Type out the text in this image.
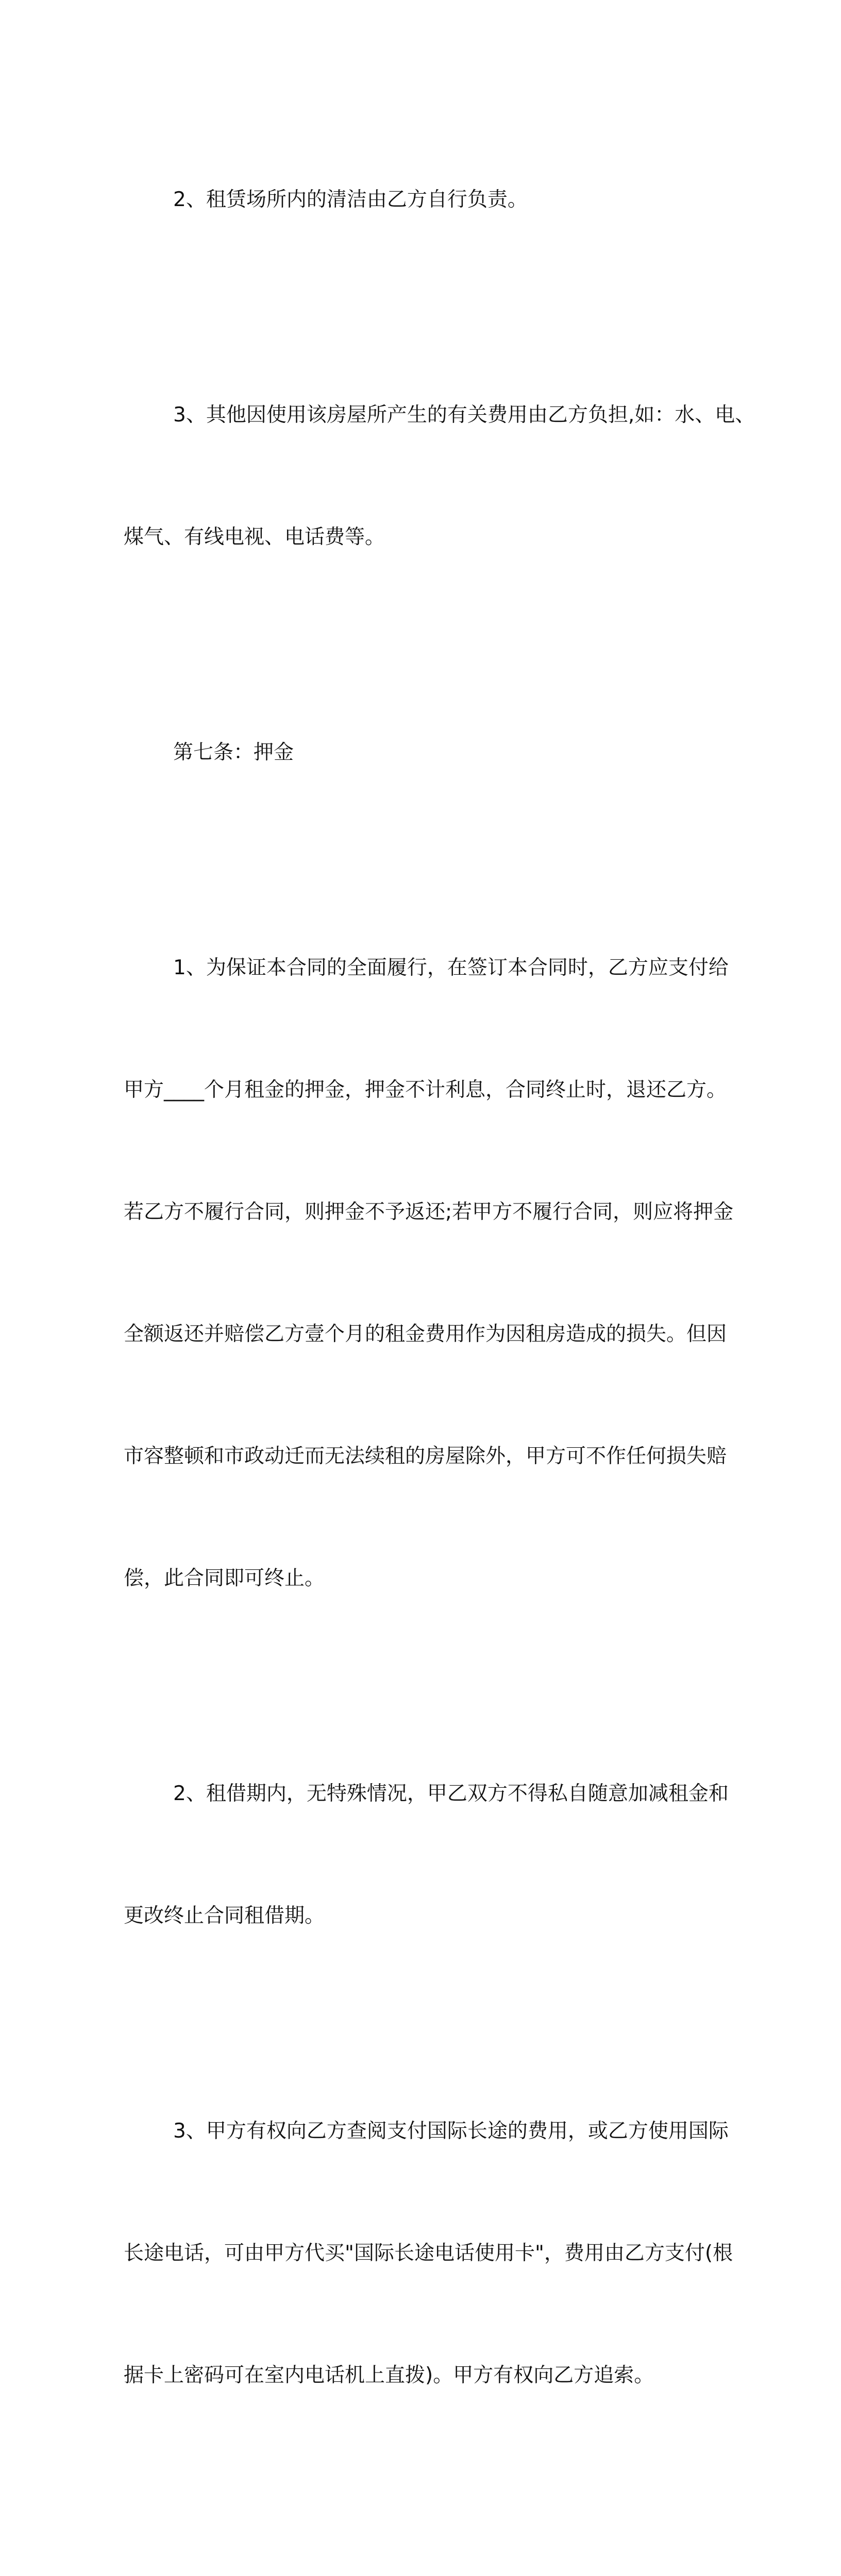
2、租赁场所内的清洁由乙方自行负责。

3、其他因使用该房屋所产生的有关费用由乙方负担,如：水、电、

煤气、有线电视、电话费等。

第七条：押金

1、为保证本合同的全面履行，在签订本合同时，乙方应支付给

甲方____个月租金的押金，押金不计利息，合同终止时，退还乙方。

若乙方不履行合同，则押金不予返还;若甲方不履行合同，则应将押金

全额返还并赔偿乙方壹个月的租金费用作为因租房造成的损失。但因

市容整顿和市政动迁而无法续租的房屋除外，甲方可不作任何损失赔

偿，此合同即可终止。

2、租借期内，无特殊情况，甲乙双方不得私自随意加减租金和

更改终止合同租借期。

3、甲方有权向乙方查阅支付国际长途的费用，或乙方使用国际

长途电话，可由甲方代买"国际长途电话使用卡"，费用由乙方支付(根

据卡上密码可在室内电话机上直拨)。甲方有权向乙方追索。
